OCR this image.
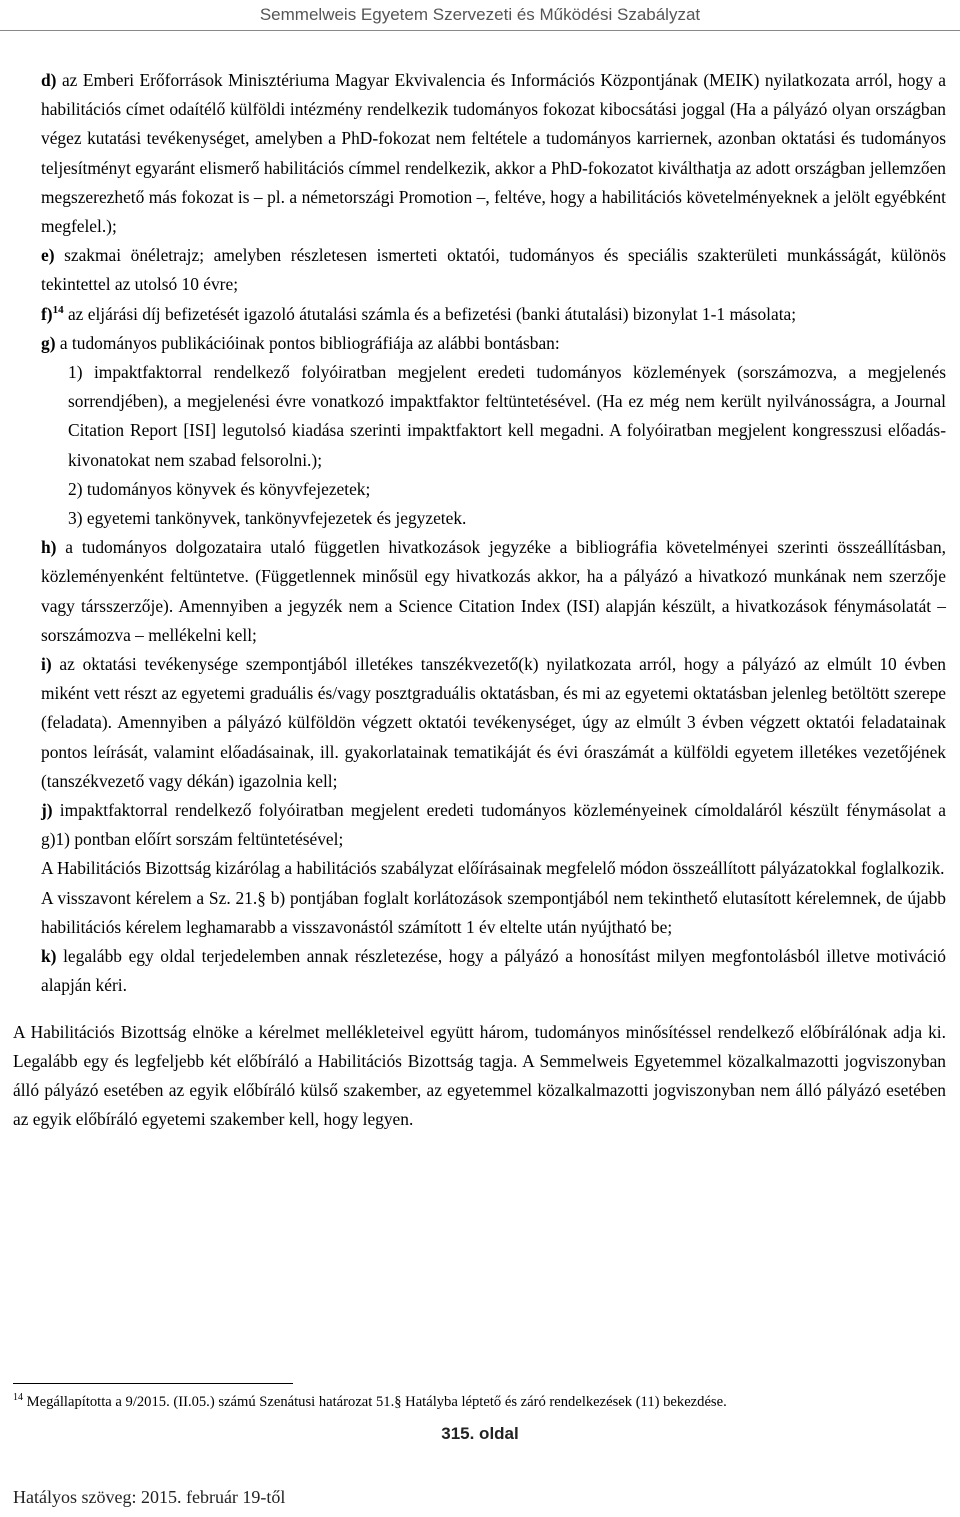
Semmelweis Egyetem Szervezeti és Működési Szabályzat

d) az Emberi Erőforrások Minisztériuma Magyar Ekvivalencia és Információs Központjának (MEIK) nyilatkozata arról, hogy a habilitációs címet odaítélő külföldi intézmény rendelkezik tudományos fokozat kibocsátási joggal (Ha a pályázó olyan országban végez kutatási tevékenységet, amelyben a PhD-fokozat nem feltétele a tudományos karriernek, azonban oktatási és tudományos teljesítményt egyaránt elismerő habilitációs címmel rendelkezik, akkor a PhD-fokozatot kiválthatja az adott országban jellemzően megszerezhető más fokozat is – pl. a németországi Promotion –, feltéve, hogy a habilitációs követelményeknek a jelölt egyébként megfelel.);

e) szakmai önéletrajz; amelyben részletesen ismerteti oktatói, tudományos és speciális szakterületi munkásságát, különös tekintettel az utolsó 10 évre;

f)$^{14}$ az eljárási díj befizetését igazoló átutalási számla és a befizetési (banki átutalási) bizonylat 1-1 másolata;

g) a tudományos publikációinak pontos bibliográfiája az alábbi bontásban:

1) impaktfaktorral rendelkező folyóiratban megjelent eredeti tudományos közlemények (sorszámozva, a megjelenés sorrendjében), a megjelenési évre vonatkozó impaktfaktor feltüntetésével. (Ha ez még nem került nyilvánosságra, a Journal Citation Report [ISI] legutolsó kiadása szerinti impaktfaktort kell megadni. A folyóiratban megjelent kongresszusi előadás-kivonatokat nem szabad felsorolni.);

2) tudományos könyvek és könyvfejezetek;

3) egyetemi tankönyvek, tankönyvfejezetek és jegyzetek.

h) a tudományos dolgozataira utaló független hivatkozások jegyzéke a bibliográfia követelményei szerinti összeállításban, közleményenként feltüntetve. (Függetlennek minősül egy hivatkozás akkor, ha a pályázó a hivatkozó munkának nem szerzője vagy társszerzője). Amennyiben a jegyzék nem a Science Citation Index (ISI) alapján készült, a hivatkozások fénymásolatát – sorszámozva – mellékelni kell;

i) az oktatási tevékenysége szempontjából illetékes tanszékvezető(k) nyilatkozata arról, hogy a pályázó az elmúlt 10 évben miként vett részt az egyetemi graduális és/vagy posztgraduális oktatásban, és mi az egyetemi oktatásban jelenleg betöltött szerepe (feladata). Amennyiben a pályázó külföldön végzett oktatói tevékenységet, úgy az elmúlt 3 évben végzett oktatói feladatainak pontos leírását, valamint előadásainak, ill. gyakorlatainak tematikáját és évi óraszámát a külföldi egyetem illetékes vezetőjének (tanszékvezető vagy dékán) igazolnia kell;

j) impaktfaktorral rendelkező folyóiratban megjelent eredeti tudományos közleményeinek címoldaláról készült fénymásolat a g)1) pontban előírt sorszám feltüntetésével;

A Habilitációs Bizottság kizárólag a habilitációs szabályzat előírásainak megfelelő módon összeállított pályázatokkal foglalkozik.

A visszavont kérelem a Sz. 21.§ b) pontjában foglalt korlátozások szempontjából nem tekinthető elutasított kérelemnek, de újabb habilitációs kérelem leghamarabb a visszavonástól számított 1 év eltelte után nyújtható be;

k) legalább egy oldal terjedelemben annak részletezése, hogy a pályázó a honosítást milyen megfontolásból illetve motiváció alapján kéri.

A Habilitációs Bizottság elnöke a kérelmet mellékleteivel együtt három, tudományos minősítéssel rendelkező előbírálónak adja ki. Legalább egy és legfeljebb két előbíráló a Habilitációs Bizottság tagja. A Semmelweis Egyetemmel közalkalmazotti jogviszonyban álló pályázó esetében az egyik előbíráló külső szakember, az egyetemmel közalkalmazotti jogviszonyban nem álló pályázó esetében az egyik előbíráló egyetemi szakember kell, hogy legyen.

$^{14}$ Megállapította a 9/2015. (II.05.) számú Szenátusi határozat 51.§ Hatályba léptető és záró rendelkezések (11) bekezdése.
315. oldal
Hatályos szöveg: 2015. február 19-től
